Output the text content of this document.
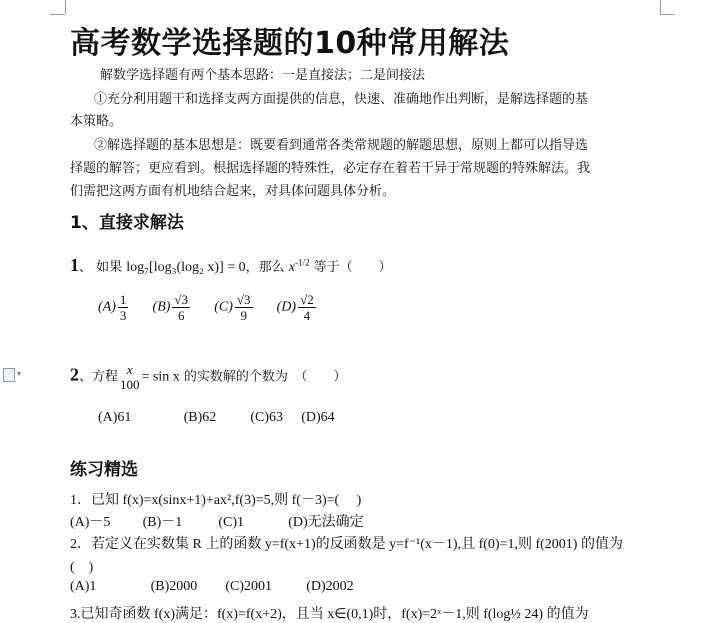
高考数学选择题的10种常用解法
解数学选择题有两个基本思路：一是直接法；二是间接法
①充分利用题干和选择支两方面提供的信息，快速、准确地作出判断，是解选择题的基
本策略。
②解选择题的基本思想是：既要看到通常各类常规题的解题思想，原则上都可以指导选
择题的解答；更应看到。根据选择题的特殊性，必定存在着若干异于常规题的特殊解法。我
们需把这两方面有机地结合起来，对具体问题具体分析。
1、直接求解法
1、 如果 log₇[log₃(log₂ x)] = 0，那么 $x^{-1/2}$ 等于（　　）
$(A) \frac{1}{3} (B) \frac{√3}{6} (C) \frac{√3}{9} (D) \frac{√2}{4}$
▾	2、方程 x
100 = sin x 的实数解的个数为　（　　）
(A)61	(B)62 (C)63 (D)64
练习精选
1．已知 f(x)=x(sinx+1)+ax²,f(3)=5,则 f(－3)=(　 )
(A)－5 (B)－1	(C)1	(D)无法确定
2．若定义在实数集 R 上的函数 y=f(x+1)的反函数是 y=f⁻¹(x－1),且 f(0)=1,则 f(2001) 的值为
(　)
(A)1	(B)2000 (C)2001 (D)2002
3.已知奇函数 f(x)满足：f(x)=f(x+2)，且当 x∈(0,1)时，f(x)=2ˣ－1,则 f(log½ 24) 的值为
